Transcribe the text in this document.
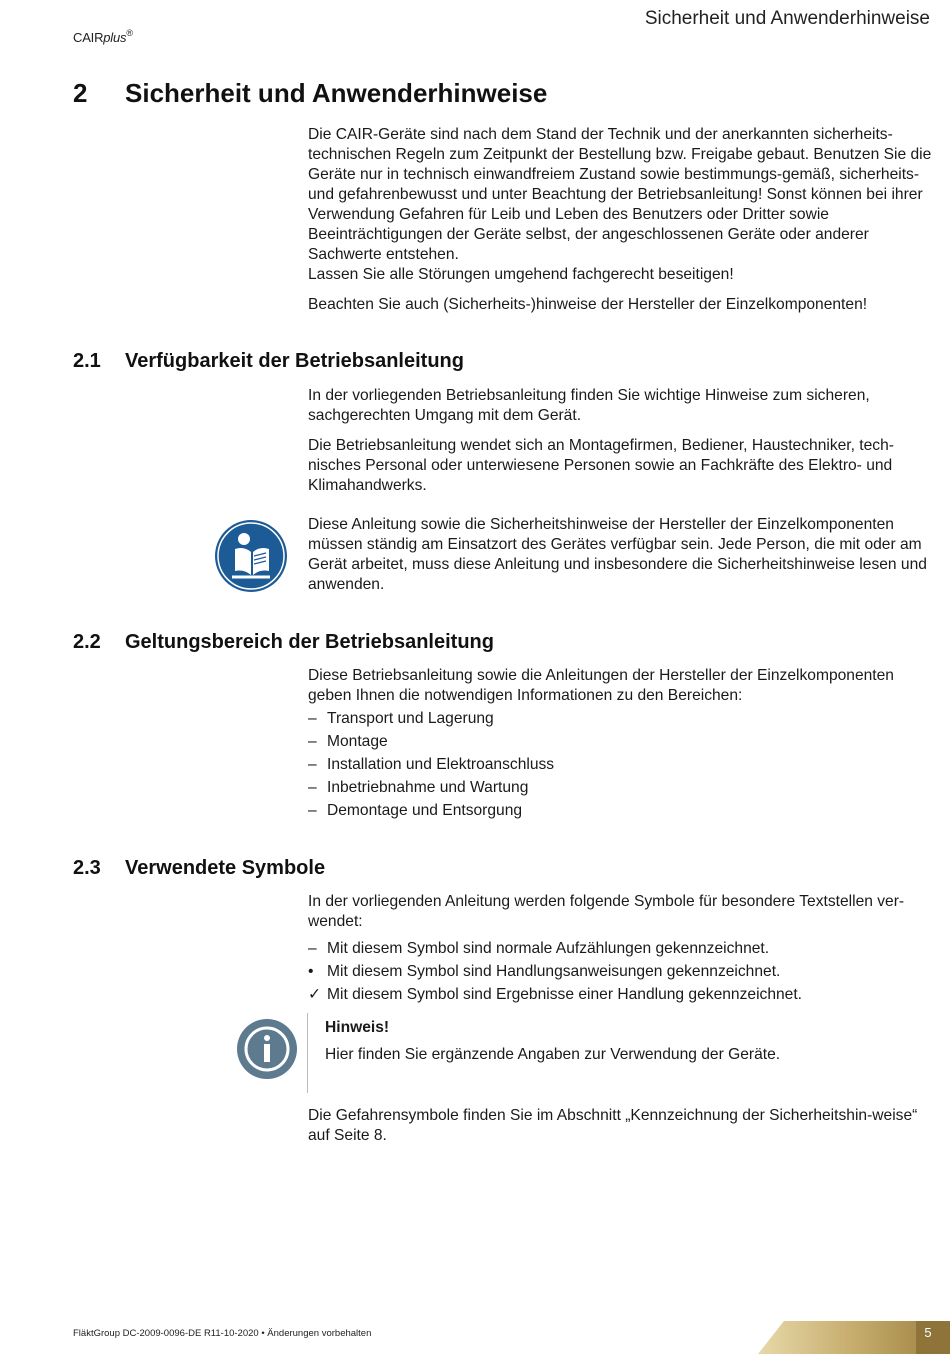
CAIRplus®
Sicherheit und Anwenderhinweise
2 Sicherheit und Anwenderhinweise

Die CAIR-Geräte sind nach dem Stand der Technik und der anerkannten sicherheits-technischen Regeln zum Zeitpunkt der Bestellung bzw. Freigabe gebaut. Benutzen Sie die Geräte nur in technisch einwandfreiem Zustand sowie bestimmungs-gemäß, sicherheits- und gefahrenbewusst und unter Beachtung der Betriebsanleitung! Sonst können bei ihrer Verwendung Gefahren für Leib und Leben des Benutzers oder Dritter sowie Beeinträchtigungen der Geräte selbst, der angeschlossenen Geräte oder anderer Sachwerte entstehen.

Lassen Sie alle Störungen umgehend fachgerecht beseitigen!

Beachten Sie auch (Sicherheits-)hinweise der Hersteller der Einzelkomponenten!

2.1 Verfügbarkeit der Betriebsanleitung

In der vorliegenden Betriebsanleitung finden Sie wichtige Hinweise zum sicheren, sachgerechten Umgang mit dem Gerät.

Die Betriebsanleitung wendet sich an Montagefirmen, Bediener, Haustechniker, tech-nisches Personal oder unterwiesene Personen sowie an Fachkräfte des Elektro- und Klimahandwerks.

Diese Anleitung sowie die Sicherheitshinweise der Hersteller der Einzelkomponenten müssen ständig am Einsatzort des Gerätes verfügbar sein. Jede Person, die mit oder am Gerät arbeitet, muss diese Anleitung und insbesondere die Sicherheitshinweise lesen und anwenden.

2.2 Geltungsbereich der Betriebsanleitung

Diese Betriebsanleitung sowie die Anleitungen der Hersteller der Einzelkomponenten geben Ihnen die notwendigen Informationen zu den Bereichen:

– Transport und Lagerung
– Montage
– Installation und Elektroanschluss
– Inbetriebnahme und Wartung
– Demontage und Entsorgung
2.3 Verwendete Symbole

In der vorliegenden Anleitung werden folgende Symbole für besondere Textstellen ver-wendet:

– Mit diesem Symbol sind normale Aufzählungen gekennzeichnet.
• Mit diesem Symbol sind Handlungsanweisungen gekennzeichnet.
✓ Mit diesem Symbol sind Ergebnisse einer Handlung gekennzeichnet.
Hinweis!
Hier finden Sie ergänzende Angaben zur Verwendung der Geräte.

Die Gefahrensymbole finden Sie im Abschnitt „Kennzeichnung der Sicherheitshin-weise“ auf Seite 8.

FläktGroup DC-2009-0096-DE R11-10-2020 • Änderungen vorbehalten	5
